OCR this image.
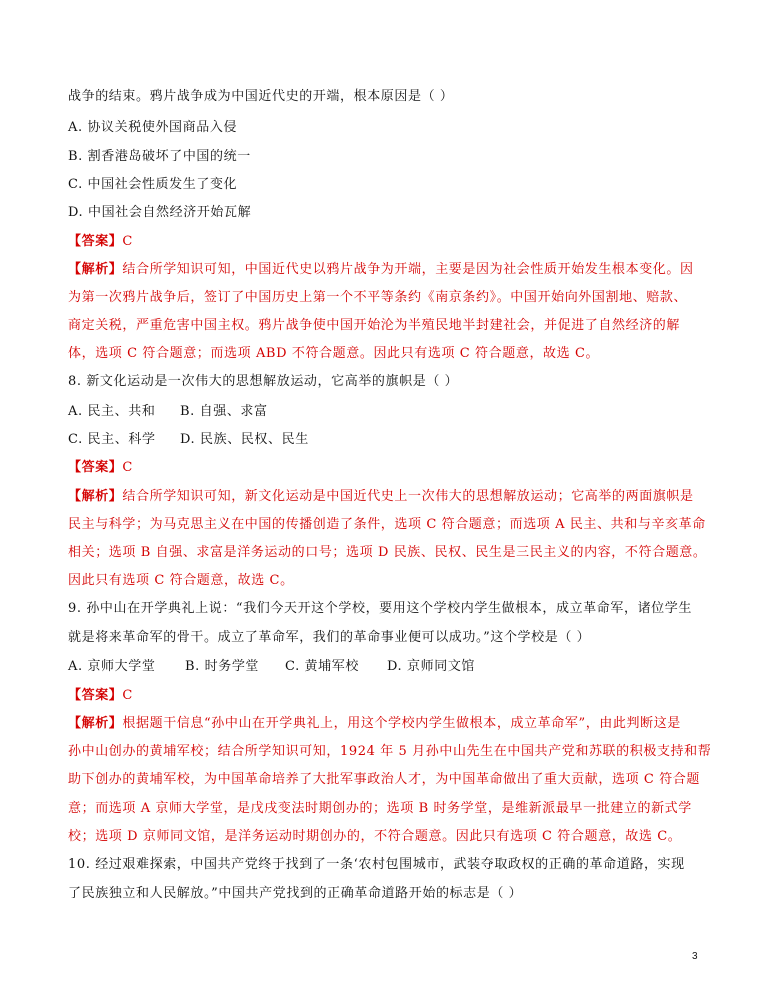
战争的结束。鸦片战争成为中国近代史的开端，根本原因是（ ）
A. 协议关税使外国商品入侵
B. 割香港岛破坏了中国的统一
C. 中国社会性质发生了变化
D. 中国社会自然经济开始瓦解
【答案】C
【解析】结合所学知识可知，中国近代史以鸦片战争为开端，主要是因为社会性质开始发生根本变化。因
为第一次鸦片战争后，签订了中国历史上第一个不平等条约《南京条约》。中国开始向外国割地、赔款、
商定关税，严重危害中国主权。鸦片战争使中国开始沦为半殖民地半封建社会，并促进了自然经济的解
体，选项 C 符合题意；而选项 ABD 不符合题意。因此只有选项 C 符合题意，故选 C。
8. 新文化运动是一次伟大的思想解放运动，它高举的旗帜是（ ）
A. 民主、共和 B. 自强、求富
C. 民主、科学 D. 民族、民权、民生
【答案】C
【解析】结合所学知识可知，新文化运动是中国近代史上一次伟大的思想解放运动；它高举的两面旗帜是
民主与科学；为马克思主义在中国的传播创造了条件，选项 C 符合题意；而选项 A 民主、共和与辛亥革命
相关；选项 B 自强、求富是洋务运动的口号；选项 D 民族、民权、民生是三民主义的内容，不符合题意。
因此只有选项 C 符合题意，故选 C。
9. 孙中山在开学典礼上说：“我们今天开这个学校，要用这个学校内学生做根本，成立革命军，诸位学生
就是将来革命军的骨干。成立了革命军，我们的革命事业便可以成功。”这个学校是（ ）
A. 京师大学堂 B. 时务学堂 C. 黄埔军校 D. 京师同文馆
【答案】C
【解析】根据题干信息“孙中山在开学典礼上，用这个学校内学生做根本，成立革命军”，由此判断这是
孙中山创办的黄埔军校；结合所学知识可知，1924 年 5 月孙中山先生在中国共产党和苏联的积极支持和帮
助下创办的黄埔军校，为中国革命培养了大批军事政治人才，为中国革命做出了重大贡献，选项 C 符合题
意；而选项 A 京师大学堂，是戊戌变法时期创办的；选项 B 时务学堂，是维新派最早一批建立的新式学
校；选项 D 京师同文馆，是洋务运动时期创办的，不符合题意。因此只有选项 C 符合题意，故选 C。
10. 经过艰难探索，中国共产党终于找到了一条‘农村包围城市，武装夺取政权的正确的革命道路，实现
了民族独立和人民解放。”中国共产党找到的正确革命道路开始的标志是（ ）
3
